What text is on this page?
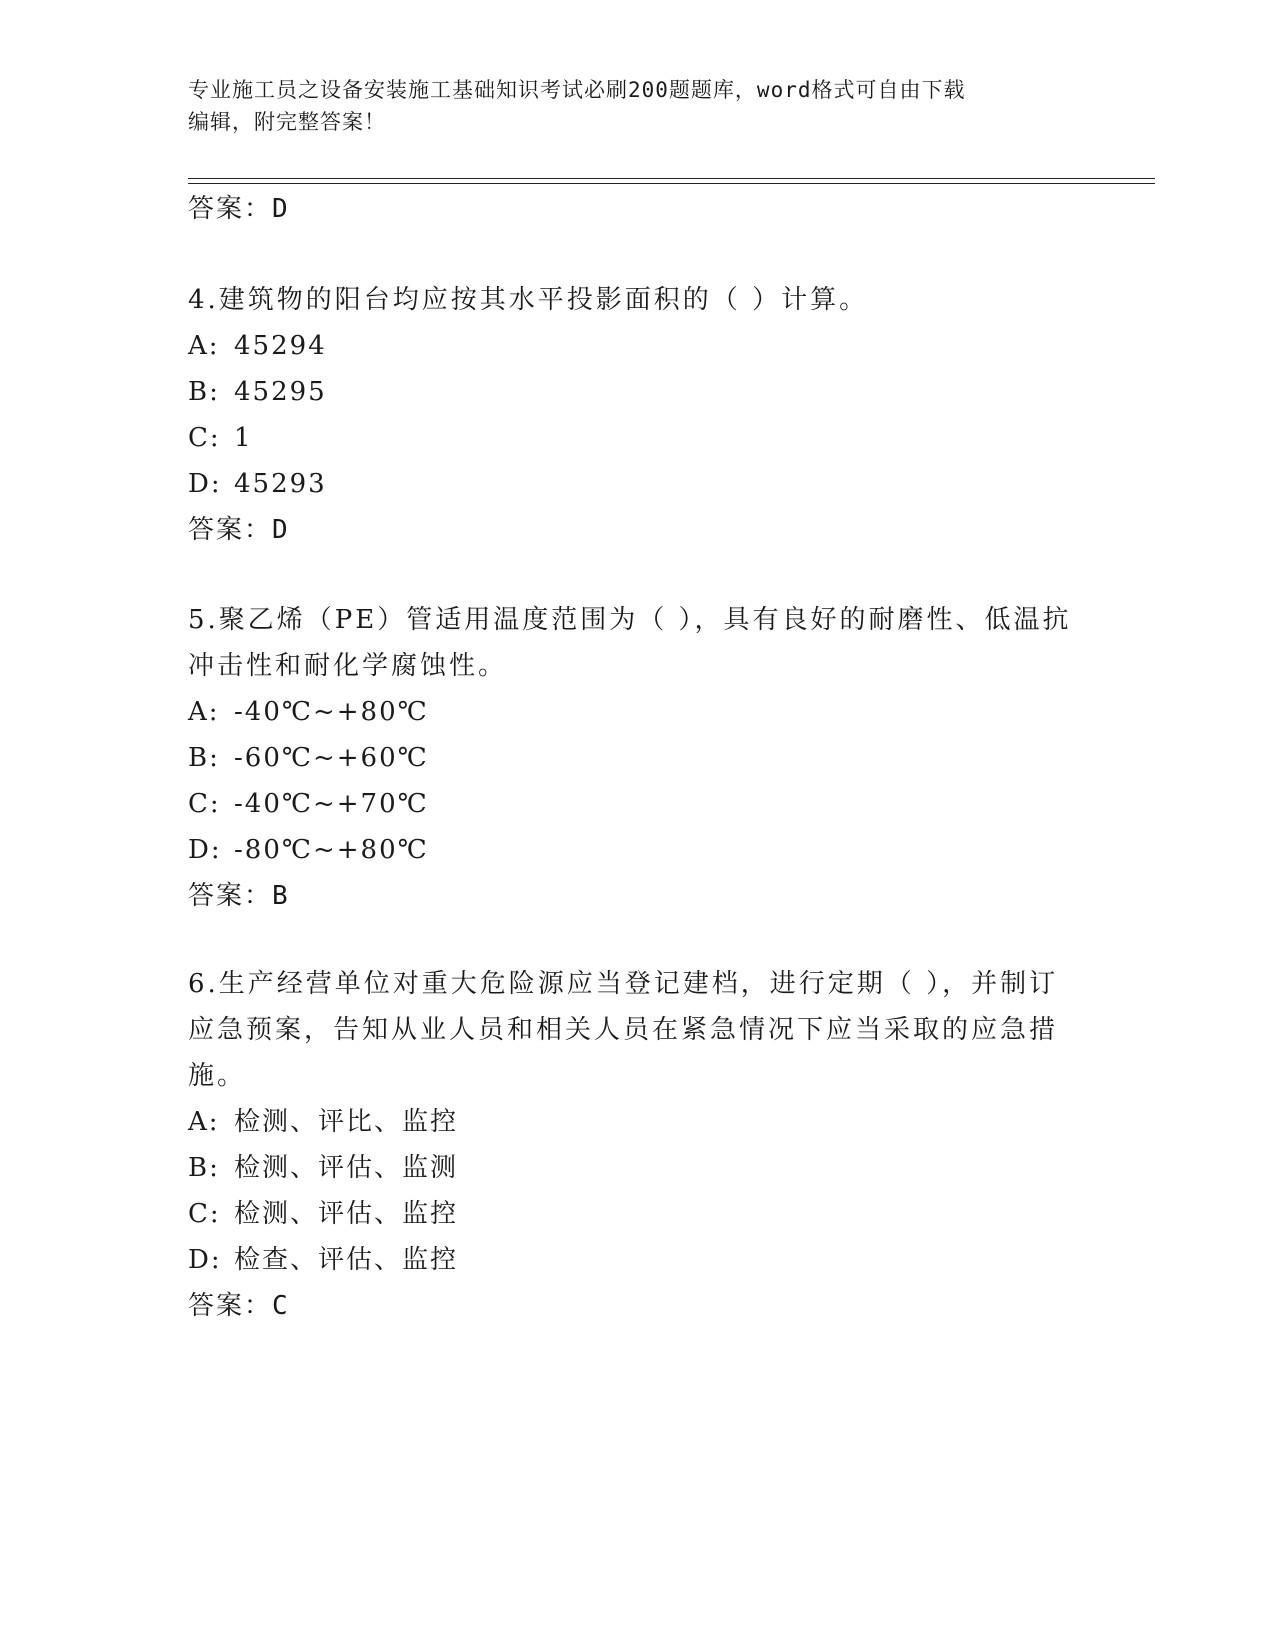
专业施工员之设备安装施工基础知识考试必刷200题题库，word格式可自由下载
编辑，附完整答案！
答案：D

4.建筑物的阳台均应按其水平投影面积的（ ）计算。

A: 45294

B: 45295

C: 1

D: 45293

答案：D

5.聚乙烯（PE）管适用温度范围为（ ），具有良好的耐磨性、低温抗

冲击性和耐化学腐蚀性。

A: -40℃~+80℃

B: -60℃~+60℃

C: -40℃~+70℃

D: -80℃~+80℃

答案：B

6.生产经营单位对重大危险源应当登记建档，进行定期（ ），并制订

应急预案，告知从业人员和相关人员在紧急情况下应当采取的应急措

施。

A: 检测、评比、监控

B: 检测、评估、监测

C: 检测、评估、监控

D: 检查、评估、监控

答案：C
